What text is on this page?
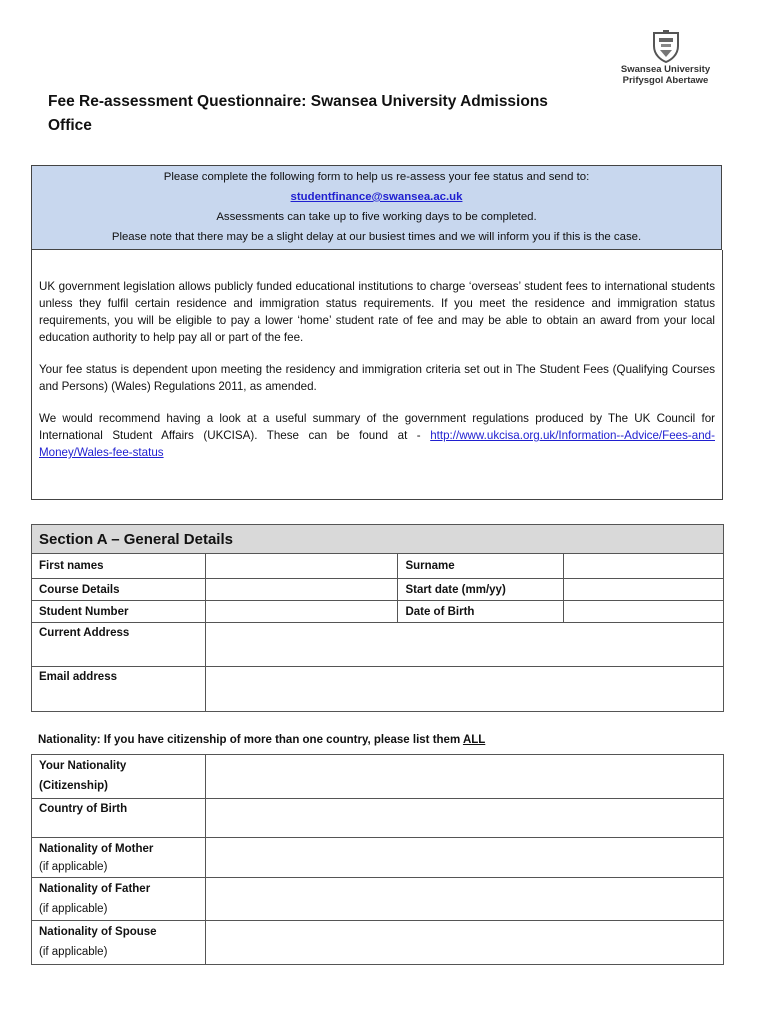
Swansea University
Prifysgol Abertawe
Fee Re-assessment Questionnaire: Swansea University Admissions Office
Please complete the following form to help us re-assess your fee status and send to:
studentfinance@swansea.ac.uk
Assessments can take up to five working days to be completed.
Please note that there may be a slight delay at our busiest times and we will inform you if this is the case.

UK government legislation allows publicly funded educational institutions to charge ‘overseas’ student fees to international students unless they fulfil certain residence and immigration status requirements. If you meet the residence and immigration status requirements, you will be eligible to pay a lower ‘home’ student rate of fee and may be able to obtain an award from your local education authority to help pay all or part of the fee.

Your fee status is dependent upon meeting the residency and immigration criteria set out in The Student Fees (Qualifying Courses and Persons) (Wales) Regulations 2011, as amended.

We would recommend having a look at a useful summary of the government regulations produced by The UK Council for International Student Affairs (UKCISA). These can be found at - http://www.ukcisa.org.uk/Information--Advice/Fees-and-Money/Wales-fee-status

Section A – General Details			
First names		Surname	
Course Details		Start date (mm/yy)	
Student Number		Date of Birth	
Current Address			
Email address			
Nationality: If you have citizenship of more than one country, please list them ALL
Your Nationality
(Citizenship)	

Country of Birth	

Nationality of Mother
(if applicable)	

Nationality of Father
(if applicable)	

Nationality of Spouse
(if applicable)	
